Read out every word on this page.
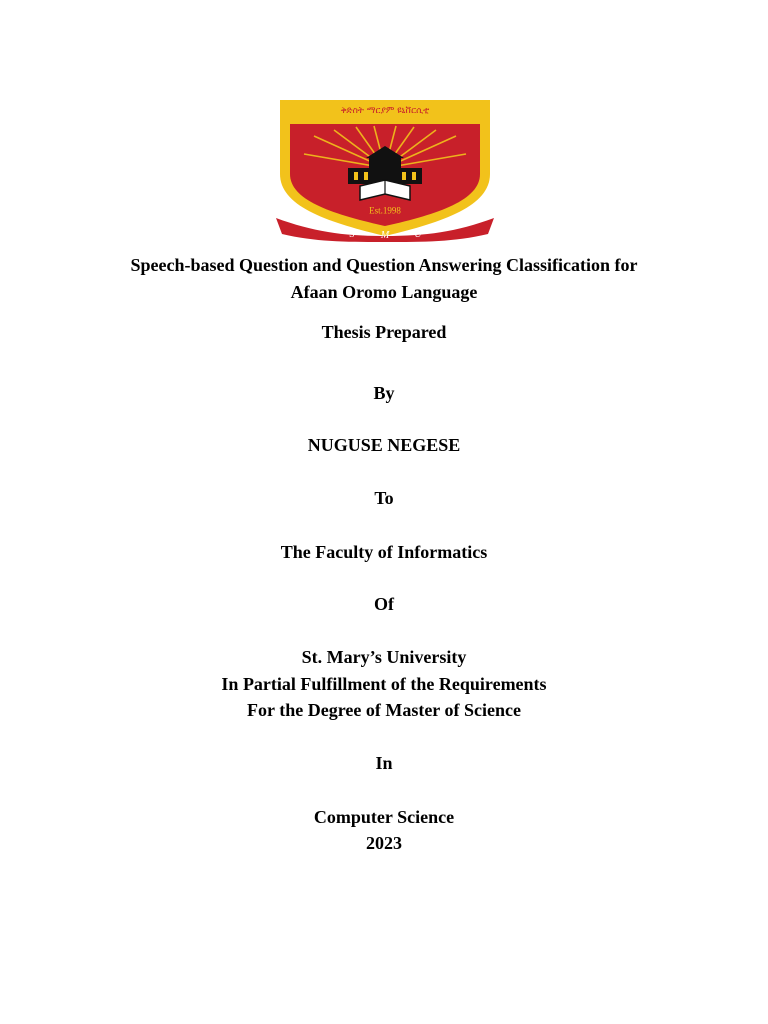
Est.1998
ቅድስት ማርያም ዩኒቨርሲቲ
S	M	U
Speech-based Question and Question Answering Classification for
Afaan Oromo Language
Thesis Prepared
By
NUGUSE NEGESE
To
The Faculty of Informatics
Of
St. Mary’s University
In Partial Fulfillment of the Requirements
For the Degree of Master of Science
In
Computer Science
2023
